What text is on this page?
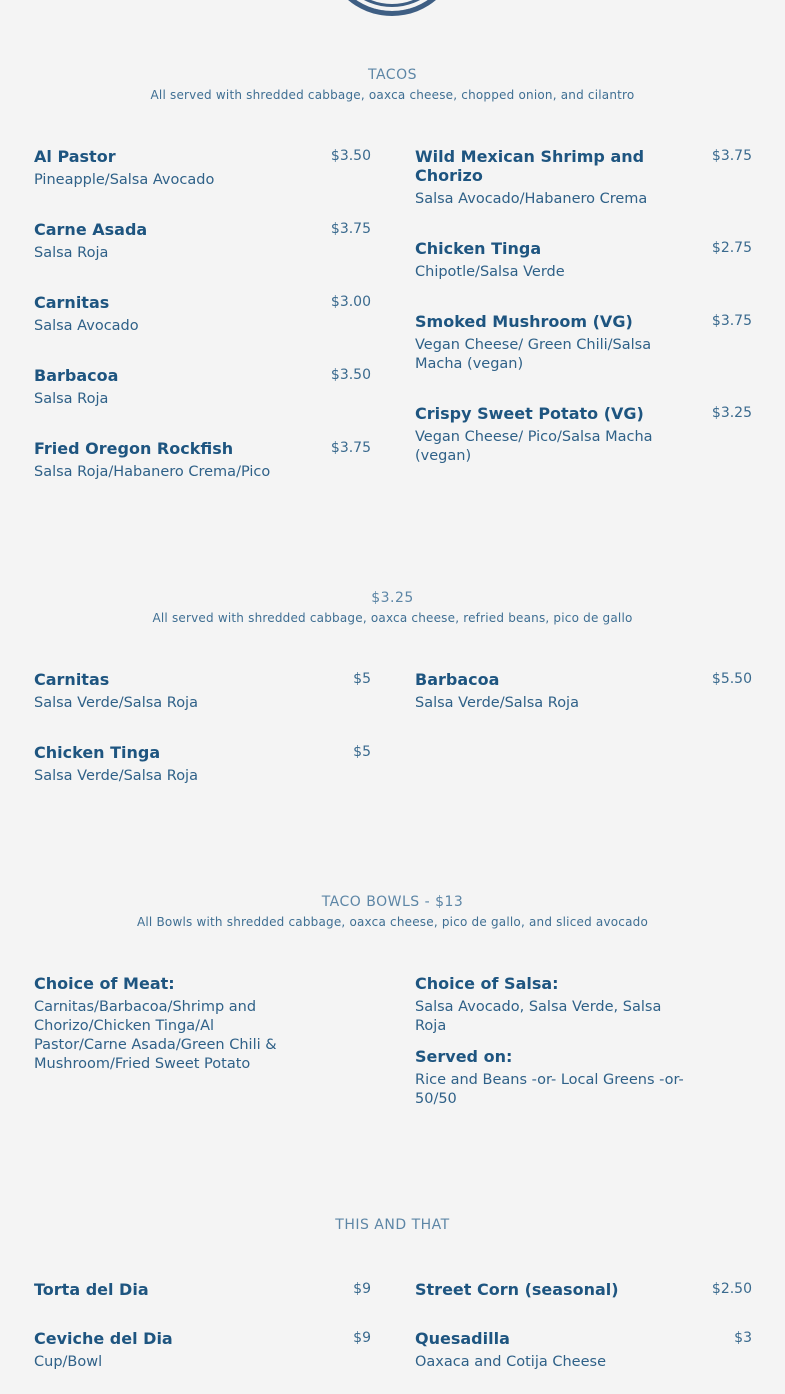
TACOS
All served with shredded cabbage, oaxca cheese, chopped onion, and cilantro
Al Pastor	$3.50
Pineapple/Salsa Avocado
Carne Asada	$3.75
Salsa Roja
Carnitas	$3.00
Salsa Avocado
Barbacoa	$3.50
Salsa Roja
Fried Oregon Rockfish	$3.75
Salsa Roja/Habanero Crema/Pico
Wild Mexican Shrimp and Chorizo
$3.75
Salsa Avocado/Habanero Crema
Chicken Tinga	$2.75
Chipotle/Salsa Verde
Smoked Mushroom (VG)	$3.75
Vegan Cheese/ Green Chili/Salsa Macha (vegan)
Crispy Sweet Potato (VG)	$3.25
Vegan Cheese/ Pico/Salsa Macha (vegan)
$3.25
All served with shredded cabbage, oaxca cheese, refried beans, pico de gallo
Carnitas	$5
Salsa Verde/Salsa Roja
Chicken Tinga	$5
Salsa Verde/Salsa Roja
Barbacoa	$5.50
Salsa Verde/Salsa Roja
TACO BOWLS - $13
All Bowls with shredded cabbage, oaxca cheese, pico de gallo, and sliced avocado
Choice of Meat:
Carnitas/Barbacoa/Shrimp and Chorizo/Chicken Tinga/Al Pastor/Carne Asada/Green Chili & Mushroom/Fried Sweet Potato
Choice of Salsa:
Salsa Avocado, Salsa Verde, Salsa Roja
Served on:
Rice and Beans -or- Local Greens -or- 50/50
THIS AND THAT
Torta del Dia	$9
Ceviche del Dia	$9
Cup/Bowl
Street Corn (seasonal)	$2.50
Quesadilla	$3
Oaxaca and Cotija Cheese
